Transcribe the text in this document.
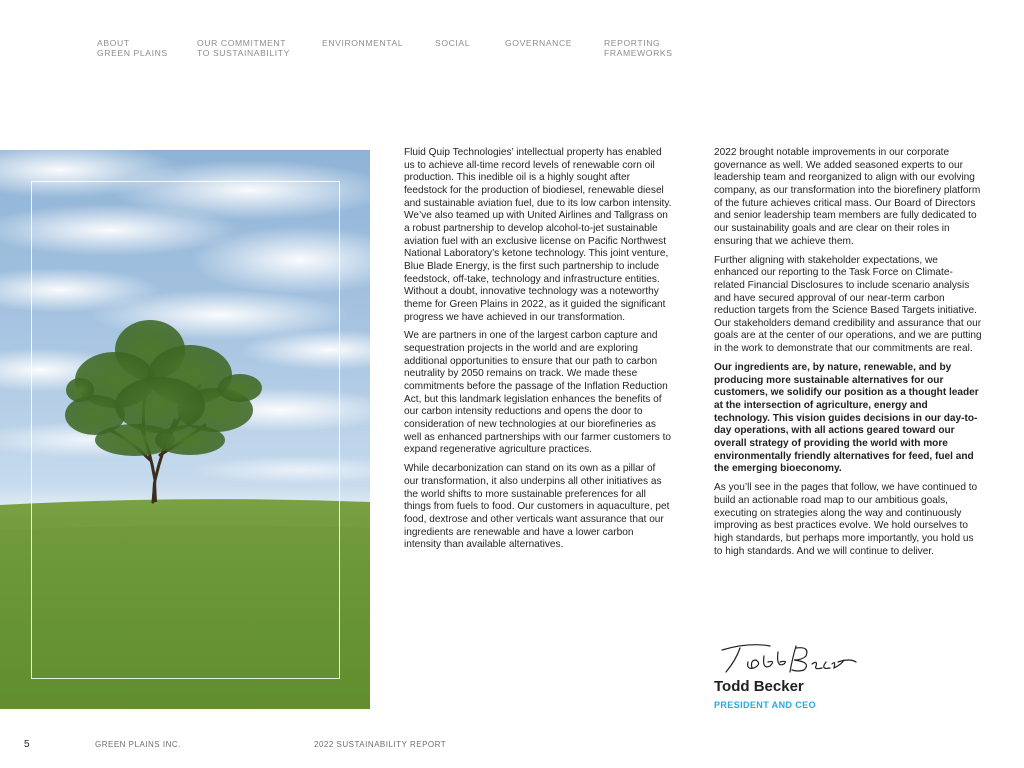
ABOUT
GREEN PLAINS
OUR COMMITMENT
TO SUSTAINABILITY
ENVIRONMENTAL	SOCIAL	GOVERNANCE	REPORTING
FRAMEWORKS

Fluid Quip Technologies’ intellectual property has enabled us to achieve all-time record levels of renewable corn oil production. This inedible oil is a highly sought after feedstock for the production of biodiesel, renewable diesel and sustainable aviation fuel, due to its low carbon intensity. We’ve also teamed up with United Airlines and Tallgrass on a robust partnership to develop alcohol-to-jet sustainable aviation fuel with an exclusive license on Pacific Northwest National Laboratory’s ketone technology. This joint venture, Blue Blade Energy, is the first such partnership to include feedstock, off-take, technology and infrastructure entities. Without a doubt, innovative technology was a noteworthy theme for Green Plains in 2022, as it guided the significant progress we have achieved in our transformation.

We are partners in one of the largest carbon capture and sequestration projects in the world and are exploring additional opportunities to ensure that our path to carbon neutrality by 2050 remains on track. We made these commitments before the passage of the Inflation Reduction Act, but this landmark legislation enhances the benefits of our carbon intensity reductions and opens the door to consideration of new technologies at our biorefineries as well as enhanced partnerships with our farmer customers to expand regenerative agriculture practices.

While decarbonization can stand on its own as a pillar of our transformation, it also underpins all other initiatives as the world shifts to more sustainable preferences for all things from fuels to food. Our customers in aquaculture, pet food, dextrose and other verticals want assurance that our ingredients are renewable and have a lower carbon intensity than available alternatives.

2022 brought notable improvements in our corporate governance as well. We added seasoned experts to our leadership team and reorganized to align with our evolving company, as our transformation into the biorefinery platform of the future achieves critical mass. Our Board of Directors and senior leadership team members are fully dedicated to our sustainability goals and are clear on their roles in ensuring that we achieve them.

Further aligning with stakeholder expectations, we enhanced our reporting to the Task Force on Climate-related Financial Disclosures to include scenario analysis and have secured approval of our near-term carbon reduction targets from the Science Based Targets initiative. Our stakeholders demand credibility and assurance that our goals are at the center of our operations, and we are putting in the work to demonstrate that our commitments are real.

Our ingredients are, by nature, renewable, and by producing more sustainable alternatives for our customers, we solidify our position as a thought leader at the intersection of agriculture, energy and technology. This vision guides decisions in our day-to-day operations, with all actions geared toward our overall strategy of providing the world with more environmentally friendly alternatives for feed, fuel and the emerging bioeconomy.

As you’ll see in the pages that follow, we have continued to build an actionable road map to our ambitious goals, executing on strategies along the way and continuously improving as best practices evolve. We hold ourselves to high standards, but perhaps more importantly, you hold us to high standards. And we will continue to deliver.

Todd Becker
PRESIDENT AND CEO
5	GREEN PLAINS INC.	2022 SUSTAINABILITY REPORT
